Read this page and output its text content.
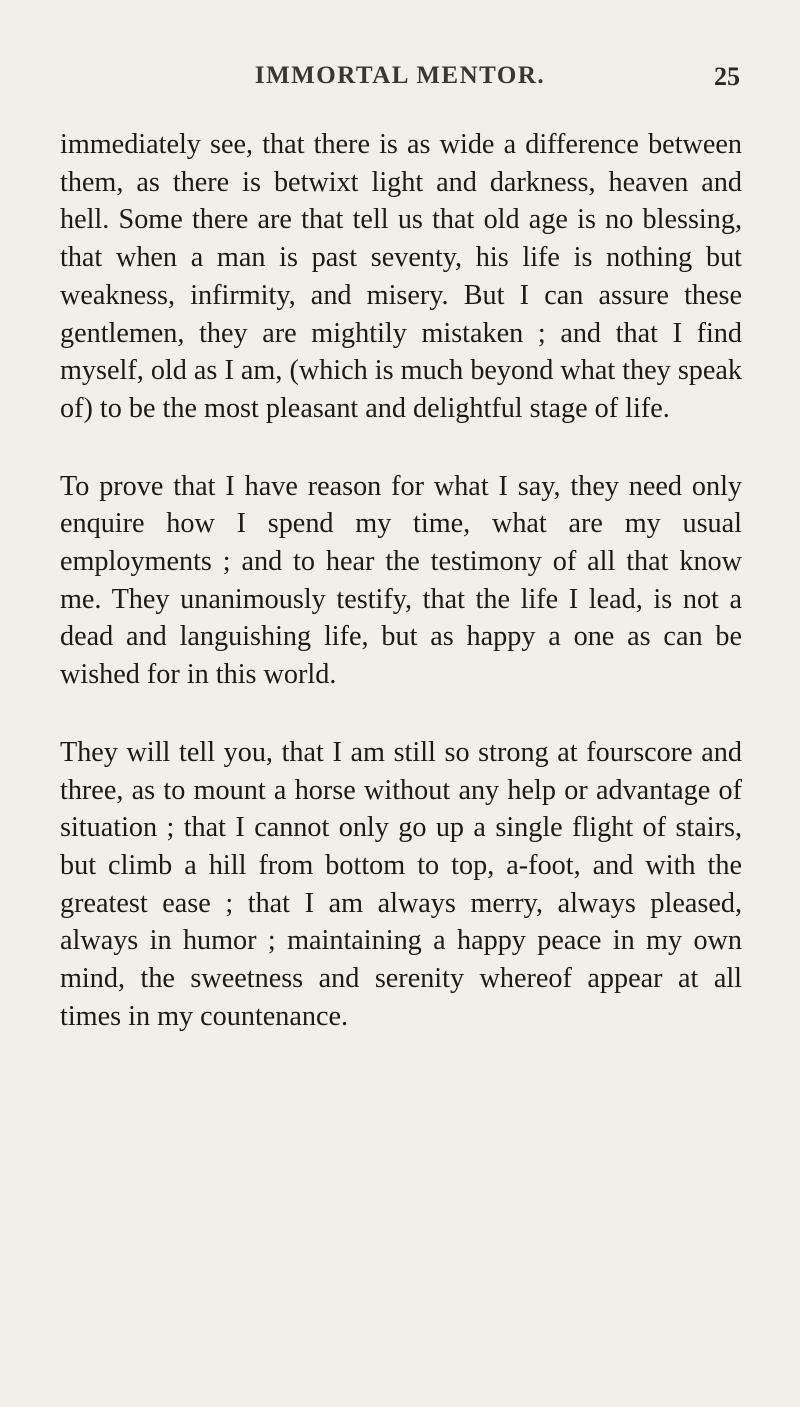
IMMORTAL MENTOR.	25

immediately see, that there is as wide a difference between them, as there is betwixt light and darkness, heaven and hell. Some there are that tell us that old age is no blessing, that when a man is past seventy, his life is nothing but weakness, infirmity, and misery. But I can assure these gentlemen, they are mightily mistaken ; and that I find myself, old as I am, (which is much beyond what they speak of) to be the most pleasant and delightful stage of life.

To prove that I have reason for what I say, they need only enquire how I spend my time, what are my usual employments ; and to hear the testimony of all that know me. They unanimously testify, that the life I lead, is not a dead and languishing life, but as happy a one as can be wished for in this world.

They will tell you, that I am still so strong at fourscore and three, as to mount a horse without any help or advantage of situation ; that I cannot only go up a single flight of stairs, but climb a hill from bottom to top, a-foot, and with the greatest ease ; that I am always merry, always pleased, always in humor ; maintaining a happy peace in my own mind, the sweetness and serenity whereof appear at all times in my countenance.
